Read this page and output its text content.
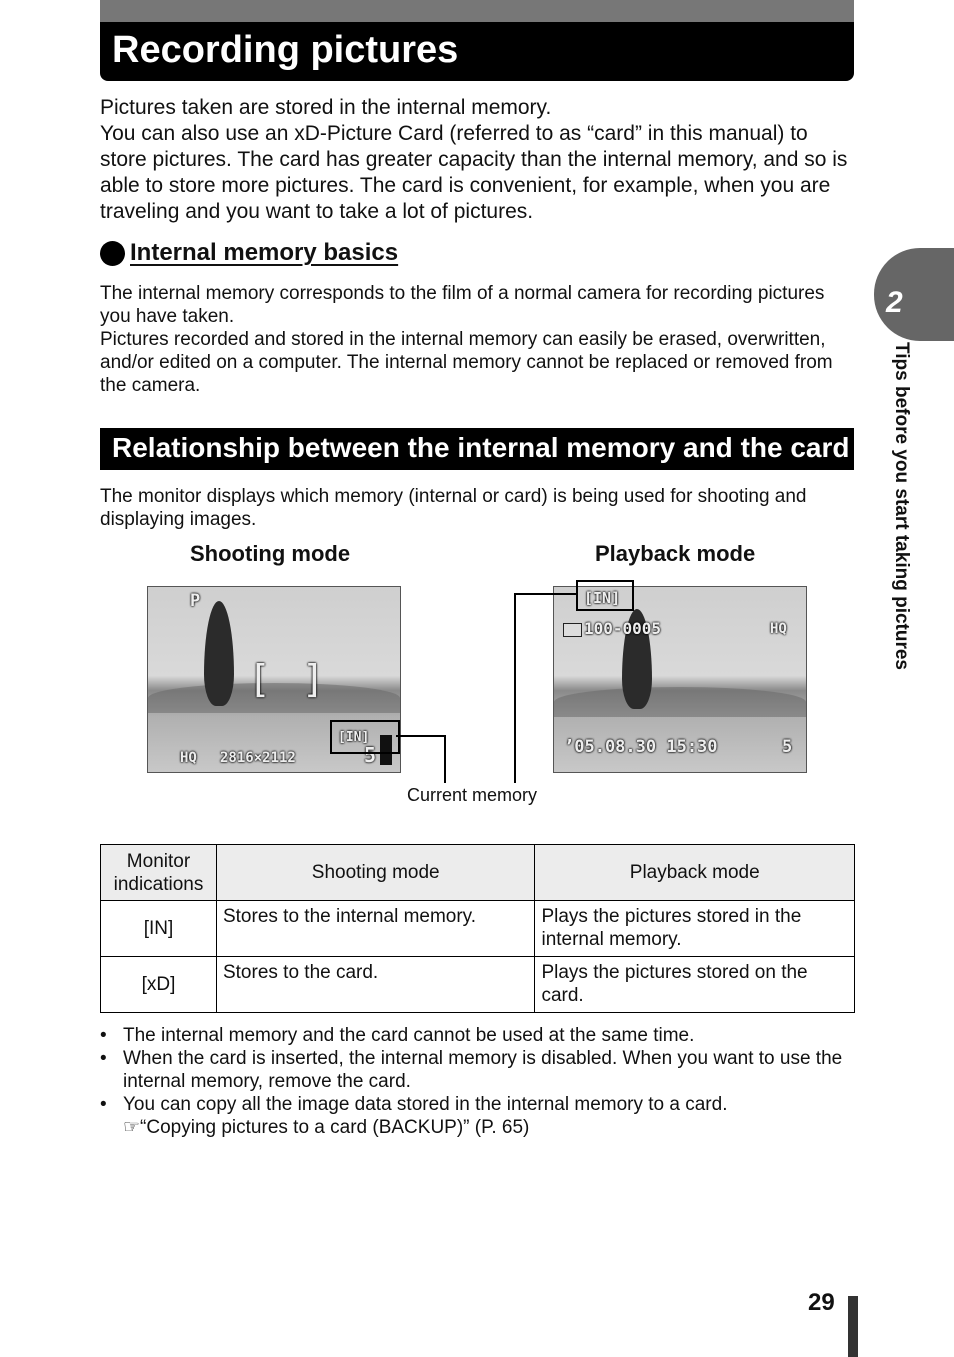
Recording pictures

Pictures taken are stored in the internal memory.

You can also use an xD-Picture Card (referred to as “card” in this manual) to store pictures. The card has greater capacity than the internal memory, and so is able to store more pictures. The card is convenient, for example, when you are traveling and you want to take a lot of pictures.

Internal memory basics

The internal memory corresponds to the film of a normal camera for recording pictures you have taken.

Pictures recorded and stored in the internal memory can easily be erased, overwritten, and/or edited on a computer. The internal memory cannot be replaced or removed from the camera.

Relationship between the internal memory and the card

The monitor displays which memory (internal or card) is being used for shooting and displaying images.

Shooting mode	Playback mode
P
[ ]
[IN]
HQ 2816×2112	5
[IN]
100-0005	HQ
’05.08.30 15:30	5
Current memory
Monitor indications	Shooting mode	Playback mode
[IN]	Stores to the internal memory.	Plays the pictures stored in the internal memory.
[xD]	Stores to the card.	Plays the pictures stored on the card.
• The internal memory and the card cannot be used at the same time.
• When the card is inserted, the internal memory is disabled. When you want to use the internal memory, remove the card.
• You can copy all the image data stored in the internal memory to a card.
☞“Copying pictures to a card (BACKUP)” (P. 65)
2
Tips before you start taking pictures
29
